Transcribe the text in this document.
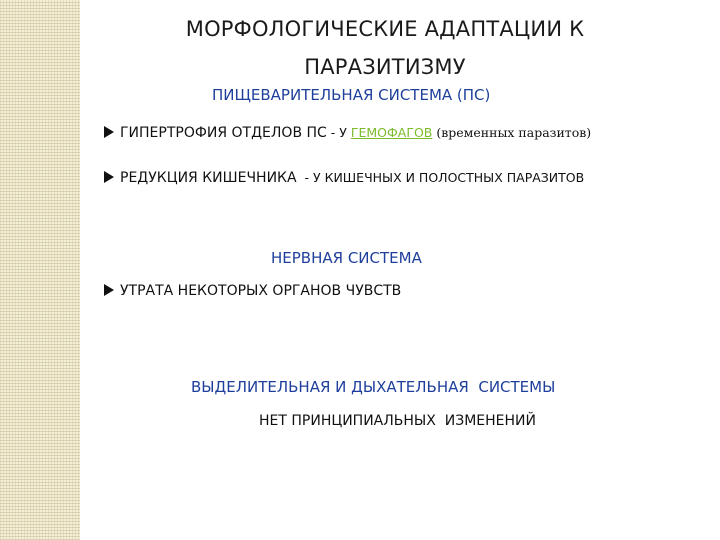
МОРФОЛОГИЧЕСКИЕ АДАПТАЦИИ К
ПАРАЗИТИЗМУ
ПИЩЕВАРИТЕЛЬНАЯ СИСТЕМА (ПС)
ГИПЕРТРОФИЯ ОТДЕЛОВ ПС - У ГЕМОФАГОВ (временных паразитов)
РЕДУКЦИЯ КИШЕЧНИКА - У КИШЕЧНЫХ И ПОЛОСТНЫХ ПАРАЗИТОВ
НЕРВНАЯ СИСТЕМА
УТРАТА НЕКОТОРЫХ ОРГАНОВ ЧУВСТВ
ВЫДЕЛИТЕЛЬНАЯ И ДЫХАТЕЛЬНАЯ  СИСТЕМЫ
НЕТ ПРИНЦИПИАЛЬНЫХ  ИЗМЕНЕНИЙ
